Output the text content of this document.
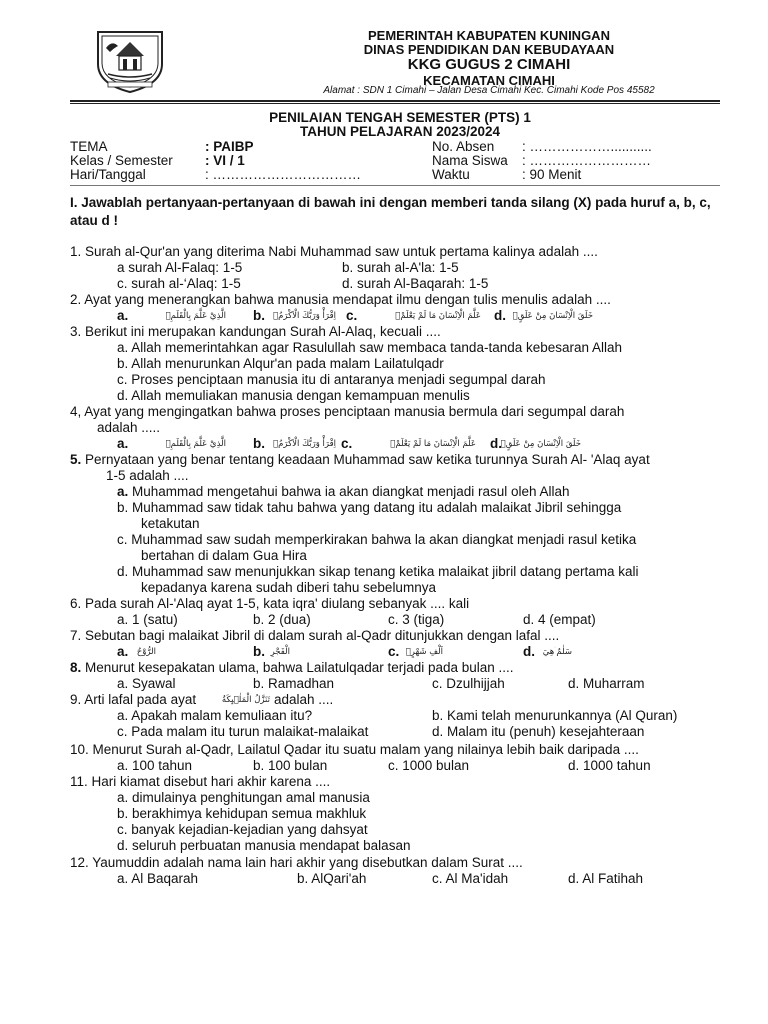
PEMERINTAH KABUPATEN KUNINGAN
DINAS PENDIDIKAN DAN KEBUDAYAAN
KKG GUGUS 2 CIMAHI
KECAMATAN CIMAHI
Alamat : SDN 1 Cimahi – Jalan Desa Cimahi Kec. Cimahi Kode Pos 45582
PENILAIAN TENGAH SEMESTER (PTS) 1
TAHUN PELAJARAN 2023/2024
TEMA	: PAIBP
Kelas / Semester : VI / 1
Hari/Tanggal	: ……………………………
No. Absen : ………………...........
Nama Siswa : ………………………
Waktu	: 90 Menit
I. Jawablah pertanyaan-pertanyaan di bawah ini dengan memberi tanda silang (X) pada huruf a, b, c, atau d !
1. Surah al-Qur'an yang diterima Nabi Muhammad saw untuk pertama kalinya adalah ....
a surah Al-Falaq: 1-5	b. surah al-A'la: 1-5
c. surah al-‘Alaq: 1-5	d. surah Al-Baqarah: 1-5
2. Ayat yang menerangkan bahwa manusia mendapat ilmu dengan tulis menulis adalah ....
a.	الَّذِيْ عَلَّمَ بِالْقَلَمِۙ b. اِقْرَأْ وَرَبُّكَ الْاَكْرَمُۙ c.	عَلَّمَ الْاِنْسَانَ مَا لَمْ يَعْلَمْۗ d. خَلَقَ الْاِنْسَانَ مِنْ عَلَقٍۚ
3. Berikut ini merupakan kandungan Surah Al-Alaq, kecuali ....
a. Allah memerintahkan agar Rasulullah saw membaca tanda-tanda kebesaran Allah
b. Allah menurunkan Alqur'an pada malam Lailatulqadr
c. Proses penciptaan manusia itu di antaranya menjadi segumpal darah
d. Allah memuliakan manusia dengan kemampuan menulis
4, Ayat yang mengingatkan bahwa proses penciptaan manusia bermula dari segumpal darah
adalah .....
a.	الَّذِيْ عَلَّمَ بِالْقَلَمِۙ b. اِقْرَأْ وَرَبُّكَ الْاَكْرَمُۙ c.	عَلَّمَ الْاِنْسَانَ مَا لَمْ يَعْلَمْۗ d.
خَلَقَ الْاِنْسَانَ مِنْ عَلَقٍۚ
5. Pernyataan yang benar tentang keadaan Muhammad saw ketika turunnya Surah Al- 'Alaq ayat
1-5 adalah ....
a. Muhammad mengetahui bahwa ia akan diangkat menjadi rasul oleh Allah
b. Muhammad saw tidak tahu bahwa yang datang itu adalah malaikat Jibril sehingga
ketakutan
c. Muhammad saw sudah memperkirakan bahwa la akan diangkat menjadi rasul ketika
bertahan di dalam Gua Hira
d. Muhammad saw menunjukkan sikap tenang ketika malaikat jibril datang pertama kali
kepadanya karena sudah diberi tahu sebelumnya
6. Pada surah Al-'Alaq ayat 1-5, kata iqra' diulang sebanyak .... kali
a. 1 (satu)	b. 2 (dua)	c. 3 (tiga)	d. 4 (empat)
7. Sebutan bagi malaikat Jibril di dalam surah al-Qadr ditunjukkan dengan lafal ....
a. الرُّوْحُ	b. الْفَجْرِ	c. اَلْفِ شَهْرٍۗ	d. سَلٰمٌ ۛهِيَ
8. Menurut kesepakatan ulama, bahwa Lailatulqadar terjadi pada bulan ....
a. Syawal	b. Ramadhan	c. Dzulhijjah	d. Muharram
9. Arti lafal pada ayat	تَنَزَّلُ الْمَلٰۤىِٕكَةُ adalah ....
a. Apakah malam kemuliaan itu?	b. Kami telah menurunkannya (Al Quran)
c. Pada malam itu turun malaikat-malaikat	d. Malam itu (penuh) kesejahteraan
10. Menurut Surah al-Qadr, Lailatul Qadar itu suatu malam yang nilainya lebih baik daripada ....
a. 100 tahun	b. 100 bulan	c. 1000 bulan	d. 1000 tahun
11. Hari kiamat disebut hari akhir karena ....
a. dimulainya penghitungan amal manusia
b. berakhimya kehidupan semua makhluk
c. banyak kejadian-kejadian yang dahsyat
d. seluruh perbuatan manusia mendapat balasan
12. Yaumuddin adalah nama lain hari akhir yang disebutkan dalam Surat ....
a. Al Baqarah	b. AlQari'ah	c. Al Ma'idah	d. Al Fatihah
